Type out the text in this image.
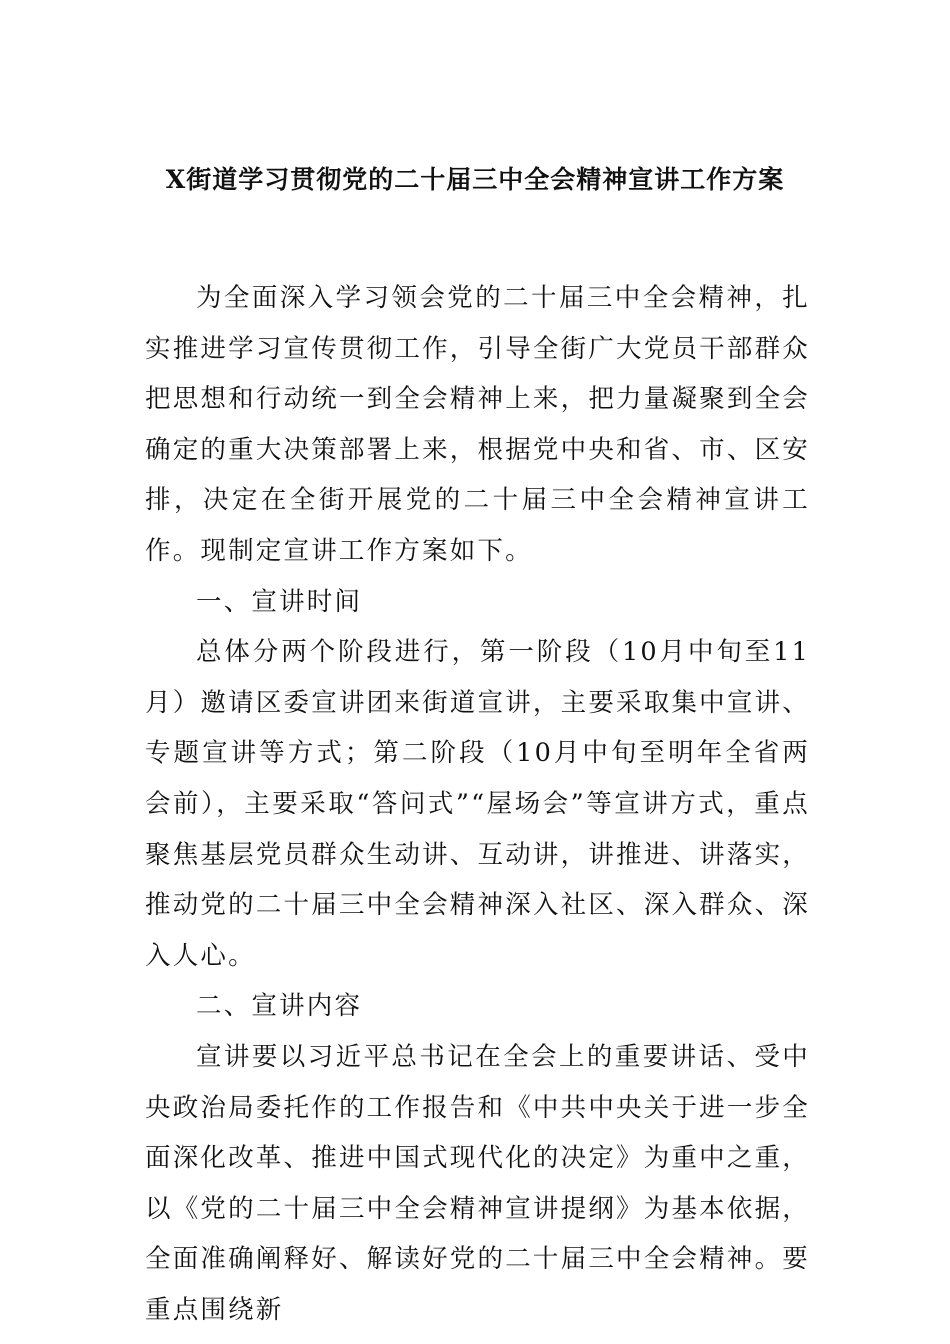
X街道学习贯彻党的二十届三中全会精神宣讲工作方案

为全面深入学习领会党的二十届三中全会精神，扎实推进学习宣传贯彻工作，引导全街广大党员干部群众把思想和行动统一到全会精神上来，把力量凝聚到全会确定的重大决策部署上来，根据党中央和省、市、区安排，决定在全街开展党的二十届三中全会精神宣讲工作。现制定宣讲工作方案如下。

一、宣讲时间

总体分两个阶段进行，第一阶段（10月中旬至11月）邀请区委宣讲团来街道宣讲，主要采取集中宣讲、专题宣讲等方式；第二阶段（10月中旬至明年全省两会前），主要采取“答问式”“屋场会”等宣讲方式，重点聚焦基层党员群众生动讲、互动讲，讲推进、讲落实，推动党的二十届三中全会精神深入社区、深入群众、深入人心。

二、宣讲内容

宣讲要以习近平总书记在全会上的重要讲话、受中央政治局委托作的工作报告和《中共中央关于进一步全面深化改革、推进中国式现代化的决定》为重中之重，以《党的二十届三中全会精神宣讲提纲》为基本依据，全面准确阐释好、解读好党的二十届三中全会精神。要重点围绕新
